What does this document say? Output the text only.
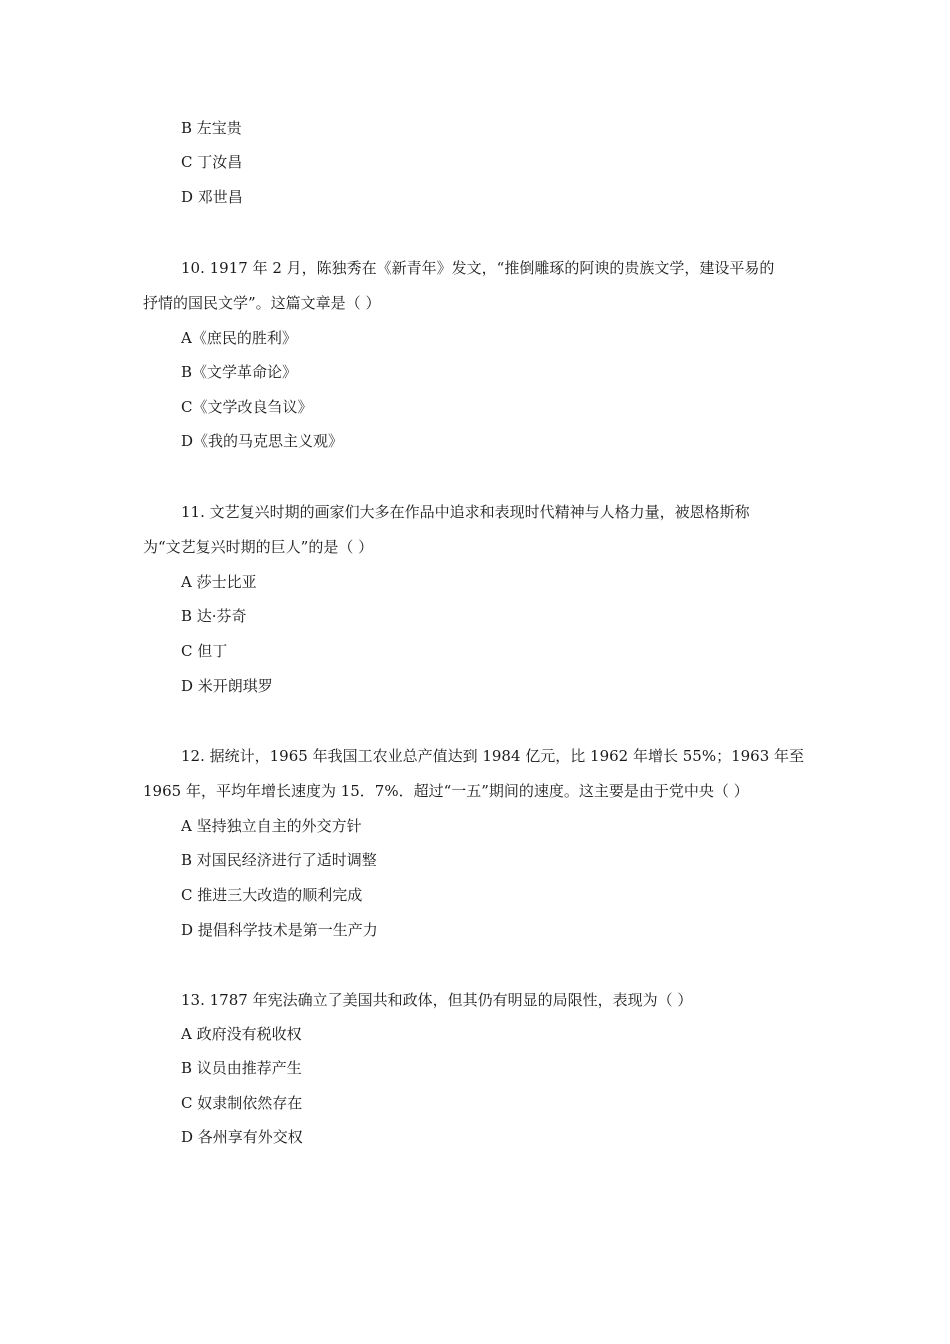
B 左宝贵
C 丁汝昌
D 邓世昌
10. 1917 年 2 月，陈独秀在《新青年》发文，“推倒雕琢的阿谀的贵族文学，建设平易的
抒情的国民文学”。这篇文章是（ ）
A《庶民的胜利》
B《文学革命论》
C《文学改良刍议》
D《我的马克思主义观》
11. 文艺复兴时期的画家们大多在作品中追求和表现时代精神与人格力量，被恩格斯称
为“文艺复兴时期的巨人”的是（ ）
A 莎士比亚
B 达·芬奇
C 但丁
D 米开朗琪罗
12. 据统计，1965 年我国工农业总产值达到 1984 亿元，比 1962 年增长 55%；1963 年至
1965 年，平均年增长速度为 15．7%．超过“一五”期间的速度。这主要是由于党中央（ ）
A 坚持独立自主的外交方针
B 对国民经济进行了适时调整
C 推进三大改造的顺利完成
D 提倡科学技术是第一生产力
13. 1787 年宪法确立了美国共和政体，但其仍有明显的局限性，表现为（ ）
A 政府没有税收权
B 议员由推荐产生
C 奴隶制依然存在
D 各州享有外交权
